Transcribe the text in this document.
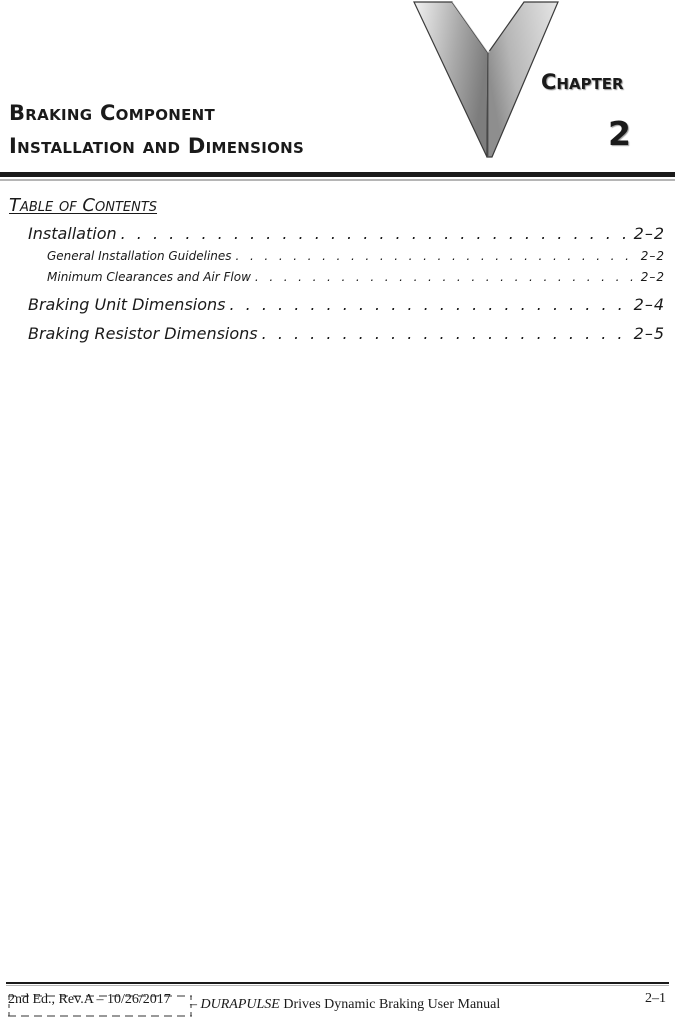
Braking Component
Installation and Dimensions
Chapter
2
Table of Contents
Installation . . .	2–2
General Installation Guidelines . . .	2–2
Minimum Clearances and Air Flow . . .	2–2
Braking Unit Dimensions . . .	2–4
Braking Resistor Dimensions . . .	2–5
2nd Ed., Rev.A – 10/26/2017 – DURAPULSE Drives Dynamic Braking User Manual	2–1
